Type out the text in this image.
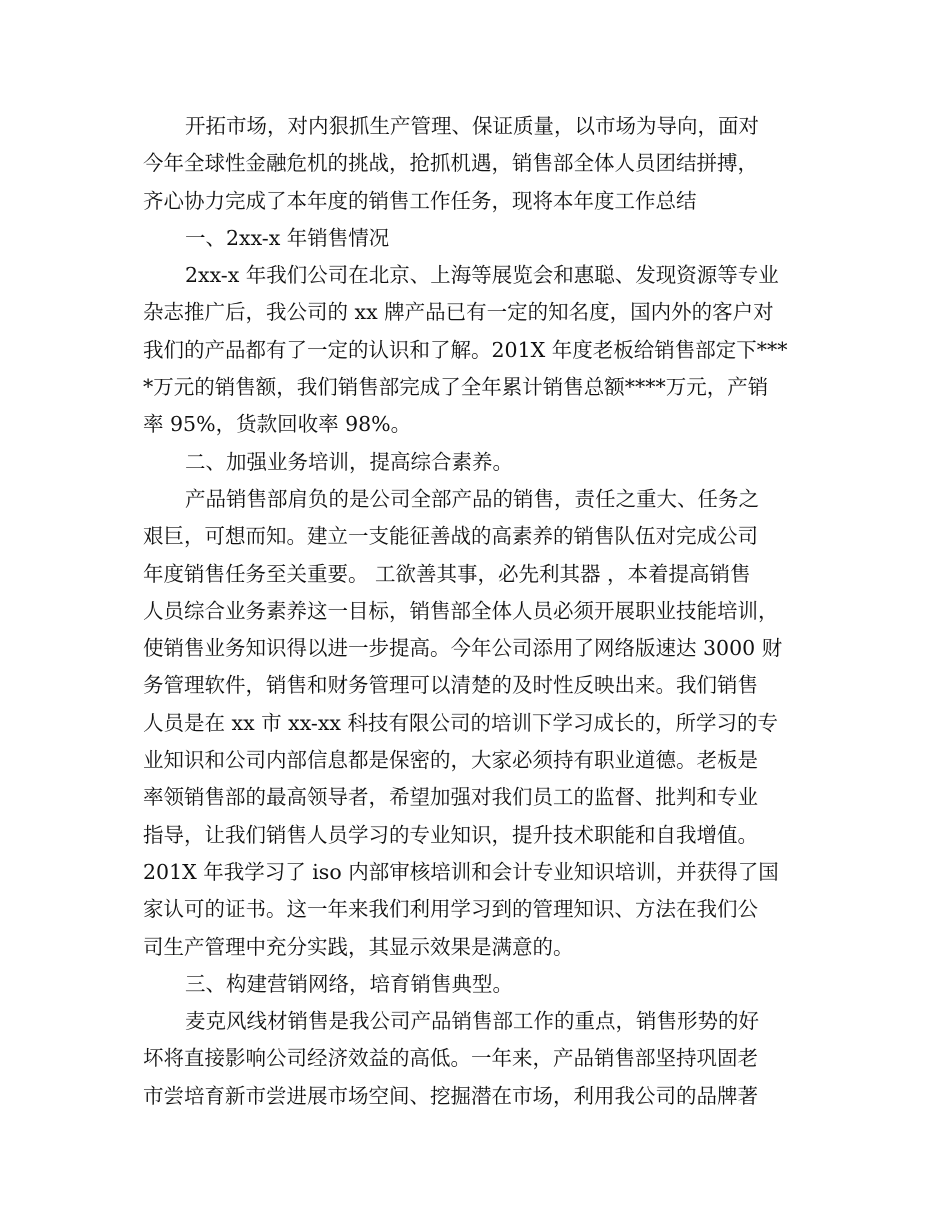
开拓市场，对内狠抓生产管理、保证质量，以市场为导向，面对
今年全球性金融危机的挑战，抢抓机遇，销售部全体人员团结拼搏，
齐心协力完成了本年度的销售工作任务，现将本年度工作总结
一、2xx-x 年销售情况
2xx-x 年我们公司在北京、上海等展览会和惠聪、发现资源等专业
杂志推广后，我公司的 xx 牌产品已有一定的知名度，国内外的客户对
我们的产品都有了一定的认识和了解。201X 年度老板给销售部定下***
*万元的销售额，我们销售部完成了全年累计销售总额****万元，产销
率 95%，货款回收率 98%。
二、加强业务培训，提高综合素养。
产品销售部肩负的是公司全部产品的销售，责任之重大、任务之
艰巨，可想而知。建立一支能征善战的高素养的销售队伍对完成公司
年度销售任务至关重要。 工欲善其事，必先利其器 ，本着提高销售
人员综合业务素养这一目标，销售部全体人员必须开展职业技能培训，
使销售业务知识得以进一步提高。今年公司添用了网络版速达 3000 财
务管理软件，销售和财务管理可以清楚的及时性反映出来。我们销售
人员是在 xx 市 xx-xx 科技有限公司的培训下学习成长的，所学习的专
业知识和公司内部信息都是保密的，大家必须持有职业道德。老板是
率领销售部的最高领导者，希望加强对我们员工的监督、批判和专业
指导，让我们销售人员学习的专业知识，提升技术职能和自我增值。
201X 年我学习了 iso 内部审核培训和会计专业知识培训，并获得了国
家认可的证书。这一年来我们利用学习到的管理知识、方法在我们公
司生产管理中充分实践，其显示效果是满意的。
三、构建营销网络，培育销售典型。
麦克风线材销售是我公司产品销售部工作的重点，销售形势的好
坏将直接影响公司经济效益的高低。一年来，产品销售部坚持巩固老
市尝培育新市尝进展市场空间、挖掘潜在市场，利用我公司的品牌著
